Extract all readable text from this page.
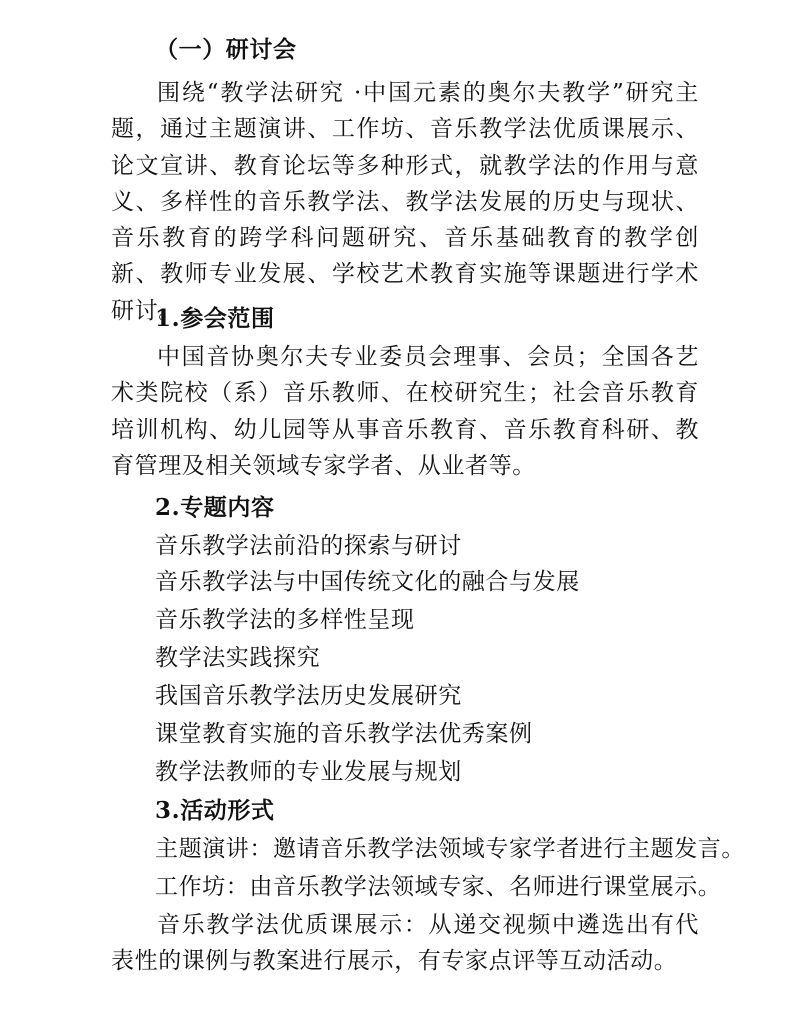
（一）研讨会

围绕“教学法研究 ·中国元素的奥尔夫教学”研究主题，通过主题演讲、工作坊、音乐教学法优质课展示、论文宣讲、教育论坛等多种形式，就教学法的作用与意义、多样性的音乐教学法、教学法发展的历史与现状、音乐教育的跨学科问题研究、音乐基础教育的教学创新、教师专业发展、学校艺术教育实施等课题进行学术研讨。

1.参会范围

中国音协奥尔夫专业委员会理事、会员；全国各艺术类院校（系）音乐教师、在校研究生；社会音乐教育培训机构、幼儿园等从事音乐教育、音乐教育科研、教育管理及相关领域专家学者、从业者等。

2.专题内容
音乐教学法前沿的探索与研讨
音乐教学法与中国传统文化的融合与发展
音乐教学法的多样性呈现
教学法实践探究
我国音乐教学法历史发展研究
课堂教育实施的音乐教学法优秀案例
教学法教师的专业发展与规划
3.活动形式
主题演讲：邀请音乐教学法领域专家学者进行主题发言。
工作坊：由音乐教学法领域专家、名师进行课堂展示。

音乐教学法优质课展示：从递交视频中遴选出有代表性的课例与教案进行展示，有专家点评等互动活动。
